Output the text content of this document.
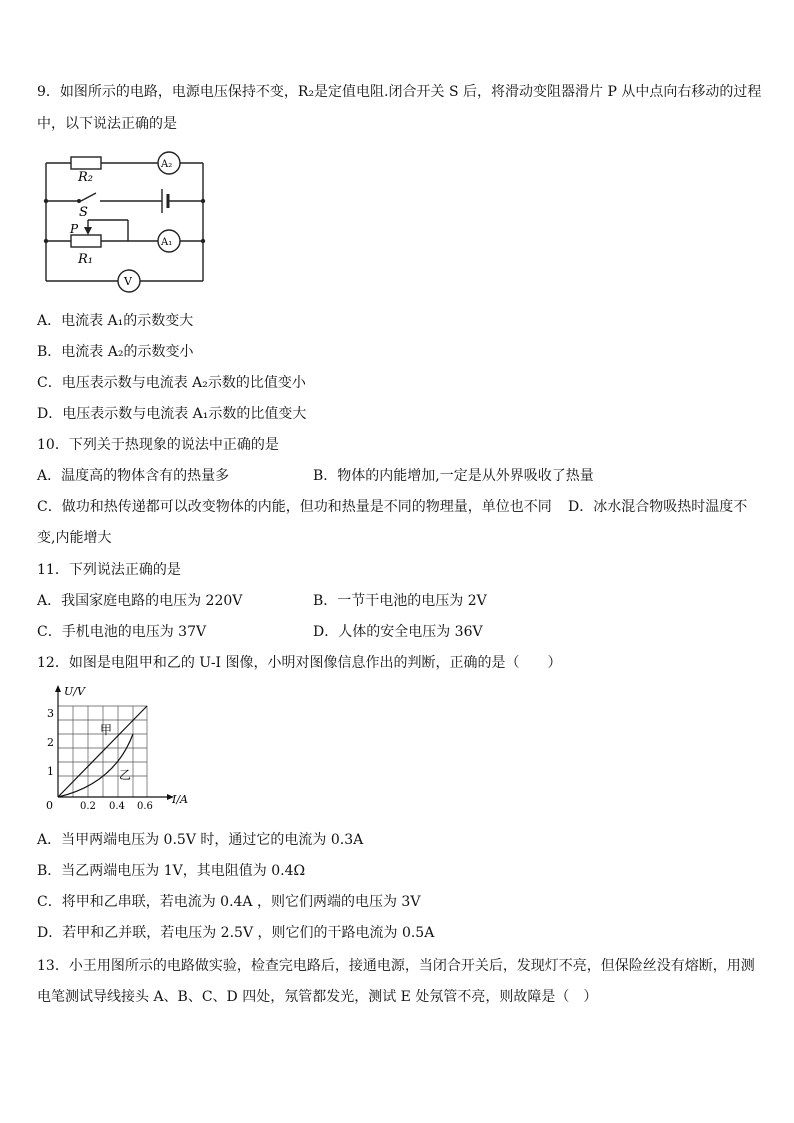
9．如图所示的电路，电源电压保持不变，R₂是定值电阻.闭合开关 S 后，将滑动变阻器滑片 P 从中点向右移动的过程
中，以下说法正确的是
R₂
S
P
R₁
A₂
A₁
V
A．电流表 A₁的示数变大
B．电流表 A₂的示数变小
C．电压表示数与电流表 A₂示数的比值变小
D．电压表示数与电流表 A₁示数的比值变大
10．下列关于热现象的说法中正确的是
A．温度高的物体含有的热量多	B．物体的内能增加,一定是从外界吸收了热量
C．做功和热传递都可以改变物体的内能，但功和热量是不同的物理量，单位也不同 D．冰水混合物吸热时温度不
变,内能增大
11．下列说法正确的是
A．我国家庭电路的电压为 220V	B．一节干电池的电压为 2V
C．手机电池的电压为 37V	D．人体的安全电压为 36V
12．如图是电阻甲和乙的 U-I 图像，小明对图像信息作出的判断，正确的是（　　）
U/V
I/A
0
1
2
3
0.2 0.4 0.6
甲
乙
A．当甲两端电压为 0.5V 时，通过它的电流为 0.3A
B．当乙两端电压为 1V，其电阻值为 0.4Ω
C．将甲和乙串联，若电流为 0.4A ，则它们两端的电压为 3V
D．若甲和乙并联，若电压为 2.5V ，则它们的干路电流为 0.5A
13．小王用图所示的电路做实验，检查完电路后，接通电源，当闭合开关后，发现灯不亮，但保险丝没有熔断，用测
电笔测试导线接头 A、B、C、D 四处，氖管都发光，测试 E 处氖管不亮，则故障是（　）
